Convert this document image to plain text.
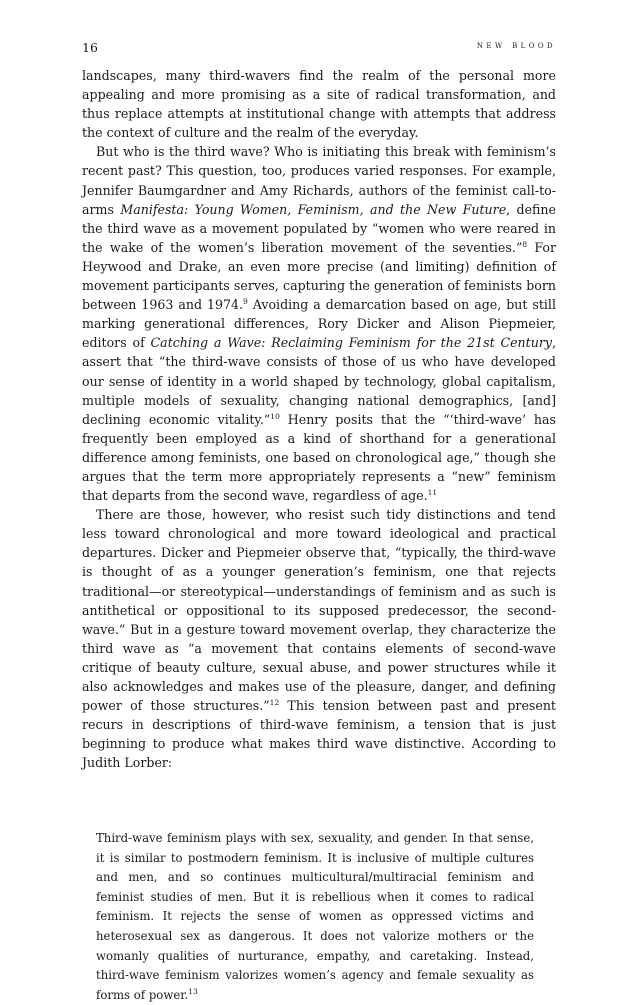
16	new blood

landscapes, many third-wavers find the realm of the personal more appealing and more promising as a site of radical transformation, and thus replace attempts at institutional change with attempts that address the context of culture and the realm of the everyday.

But who is the third wave? Who is initiating this break with feminism’s recent past? This question, too, produces varied responses. For example, Jennifer Baumgardner and Amy Richards, authors of the feminist call-to-arms Manifesta: Young Women, Feminism, and the New Future, define the third wave as a movement populated by “women who were reared in the wake of the women’s liberation movement of the seventies.”$^8$ For Heywood and Drake, an even more precise (and limiting) definition of movement participants serves, capturing the generation of feminists born between 1963 and 1974.$^9$ Avoiding a demarcation based on age, but still marking generational differences, Rory Dicker and Alison Piepmeier, editors of Catching a Wave: Reclaiming Feminism for the 21st Century, assert that “the third-wave consists of those of us who have developed our sense of identity in a world shaped by technology, global capitalism, multiple models of sexuality, changing national demographics, [and] declining economic vitality.”$^{10}$ Henry posits that the “‘third-wave’ has frequently been employed as a kind of shorthand for a generational difference among feminists, one based on chronological age,” though she argues that the term more appropriately represents a “new” feminism that departs from the second wave, regardless of age.$^{11}$

There are those, however, who resist such tidy distinctions and tend less toward chronological and more toward ideological and practical departures. Dicker and Piepmeier observe that, “typically, the third-wave is thought of as a younger generation’s feminism, one that rejects traditional—or stereotypical—understandings of feminism and as such is antithetical or oppositional to its supposed predecessor, the second-wave.” But in a gesture toward movement overlap, they characterize the third wave as “a movement that contains elements of second-wave critique of beauty culture, sexual abuse, and power structures while it also acknowledges and makes use of the pleasure, danger, and defining power of those structures.”$^{12}$ This tension between past and present recurs in descriptions of third-wave feminism, a tension that is just beginning to produce what makes third wave distinctive. According to Judith Lorber:

Third-wave feminism plays with sex, sexuality, and gender. In that sense, it is similar to postmodern feminism. It is inclusive of multiple cultures and men, and so continues multicultural/multiracial feminism and feminist studies of men. But it is rebellious when it comes to radical feminism. It rejects the sense of women as oppressed victims and heterosexual sex as dangerous. It does not valorize mothers or the womanly qualities of nurturance, empathy, and caretaking. Instead, third-wave feminism valorizes women’s agency and female sexuality as forms of power.$^{13}$
